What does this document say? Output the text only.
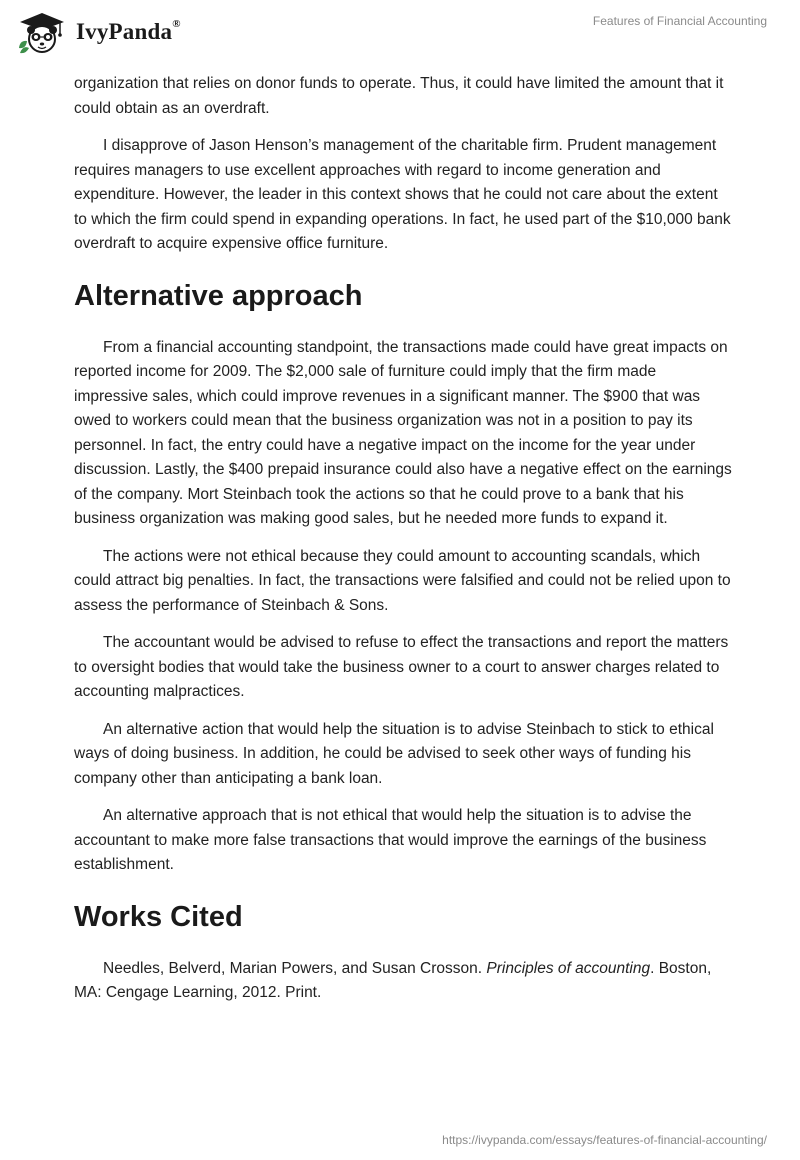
IvyPanda®	Features of Financial Accounting

organization that relies on donor funds to operate. Thus, it could have limited the amount that it could obtain as an overdraft.

I disapprove of Jason Henson’s management of the charitable firm. Prudent management requires managers to use excellent approaches with regard to income generation and expenditure. However, the leader in this context shows that he could not care about the extent to which the firm could spend in expanding operations. In fact, he used part of the $10,000 bank overdraft to acquire expensive office furniture.

Alternative approach

From a financial accounting standpoint, the transactions made could have great impacts on reported income for 2009. The $2,000 sale of furniture could imply that the firm made impressive sales, which could improve revenues in a significant manner. The $900 that was owed to workers could mean that the business organization was not in a position to pay its personnel. In fact, the entry could have a negative impact on the income for the year under discussion. Lastly, the $400 prepaid insurance could also have a negative effect on the earnings of the company. Mort Steinbach took the actions so that he could prove to a bank that his business organization was making good sales, but he needed more funds to expand it.

The actions were not ethical because they could amount to accounting scandals, which could attract big penalties. In fact, the transactions were falsified and could not be relied upon to assess the performance of Steinbach & Sons.

The accountant would be advised to refuse to effect the transactions and report the matters to oversight bodies that would take the business owner to a court to answer charges related to accounting malpractices.

An alternative action that would help the situation is to advise Steinbach to stick to ethical ways of doing business. In addition, he could be advised to seek other ways of funding his company other than anticipating a bank loan.

An alternative approach that is not ethical that would help the situation is to advise the accountant to make more false transactions that would improve the earnings of the business establishment.

Works Cited

Needles, Belverd, Marian Powers, and Susan Crosson. Principles of accounting. Boston, MA: Cengage Learning, 2012. Print.

https://ivypanda.com/essays/features-of-financial-accounting/
